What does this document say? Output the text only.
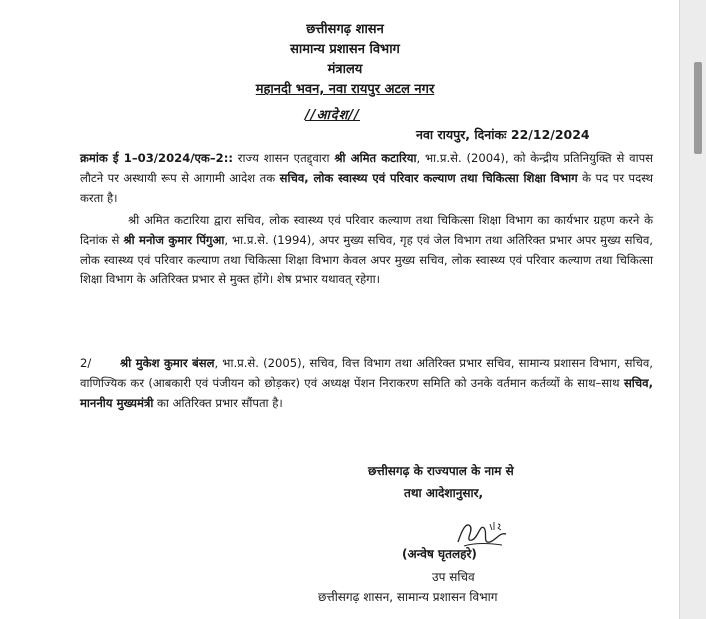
छत्तीसगढ़ शासन
सामान्य प्रशासन विभाग
मंत्रालय
महानदी भवन, नवा रायपुर अटल नगर
//आदेश//
नवा रायपुर, दिनांकः 22/12/2024
क्रमांक ई 1–03/2024/एक–2:: राज्य शासन एतद्द्वारा श्री अमित कटारिया, भा.प्र.से. (2004), को केन्द्रीय प्रतिनियुक्ति से वापस लौटने पर अस्थायी रूप से आगामी आदेश तक सचिव, लोक स्वास्थ्य एवं परिवार कल्याण तथा चिकित्सा शिक्षा विभाग के पद पर पदस्थ करता है।
श्री अमित कटारिया द्वारा सचिव, लोक स्वास्थ्य एवं परिवार कल्याण तथा चिकित्सा शिक्षा विभाग का कार्यभार ग्रहण करने के दिनांक से श्री मनोज कुमार पिंगुआ, भा.प्र.से. (1994), अपर मुख्य सचिव, गृह एवं जेल विभाग तथा अतिरिक्त प्रभार अपर मुख्य सचिव, लोक स्वास्थ्य एवं परिवार कल्याण तथा चिकित्सा शिक्षा विभाग केवल अपर मुख्य सचिव, लोक स्वास्थ्य एवं परिवार कल्याण तथा चिकित्सा शिक्षा विभाग के अतिरिक्त प्रभार से मुक्त होंगे। शेष प्रभार यथावत् रहेगा।
2/ श्री मुकेश कुमार बंसल, भा.प्र.से. (2005), सचिव, वित्त विभाग तथा अतिरिक्त प्रभार सचिव, सामान्य प्रशासन विभाग, सचिव, वाणिज्यिक कर (आबकारी एवं पंजीयन को छोड़कर) एवं अध्यक्ष पेंशन निराकरण समिति को उनके वर्तमान कर्तव्यों के साथ–साथ सचिव, माननीय मुख्यमंत्री का अतिरिक्त प्रभार सौंपता है।
छत्तीसगढ़ के राज्यपाल के नाम से
तथा आदेशानुसार,
(अन्वेष घृतलहरे)
उप सचिव
छत्तीसगढ़ शासन, सामान्य प्रशासन विभाग
